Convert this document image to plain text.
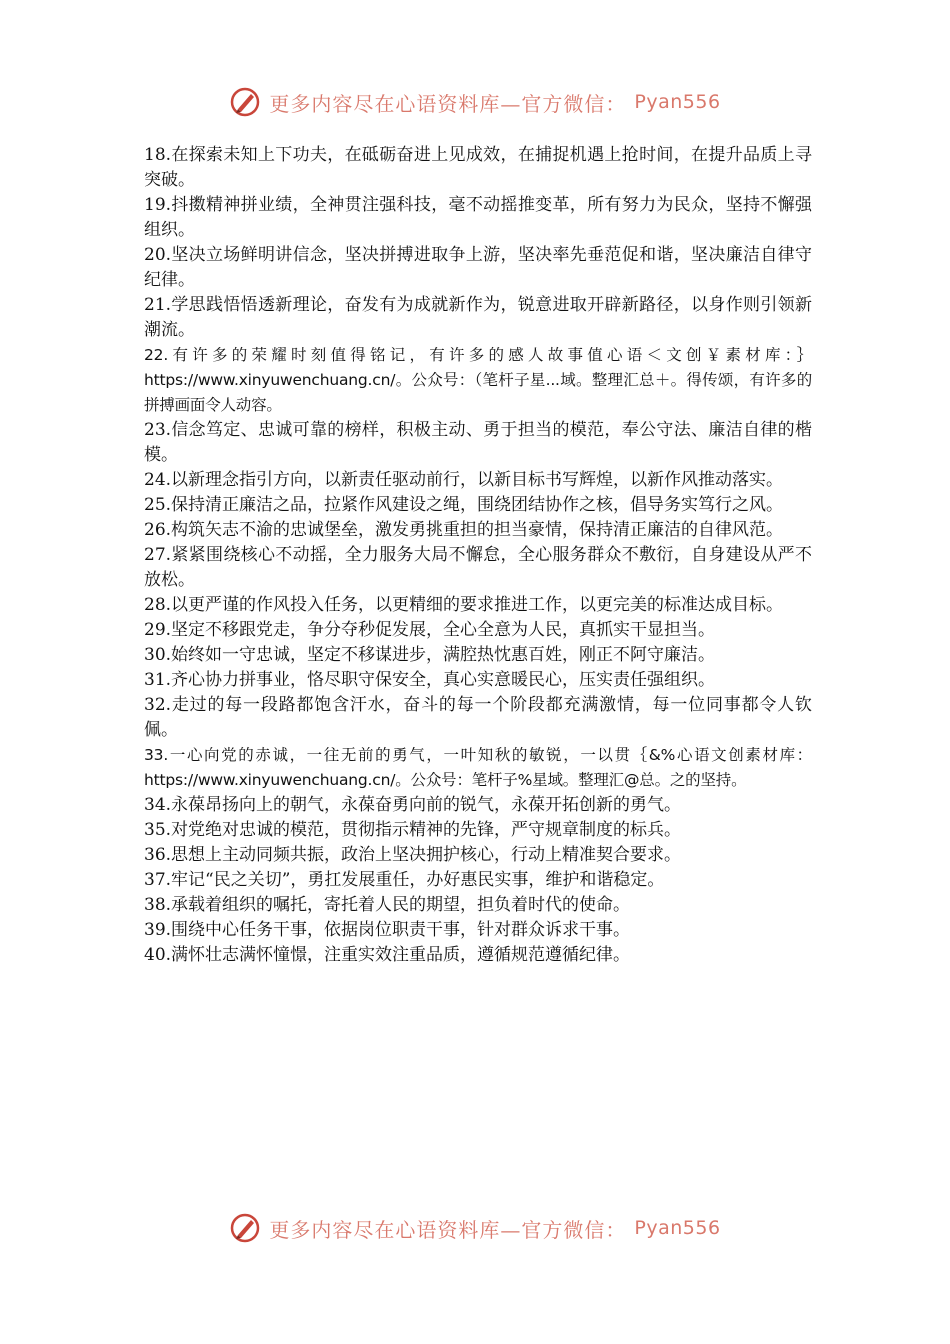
更多内容尽在心语资料库—官方微信： Pyan556

18.在探索未知上下功夫，在砥砺奋进上见成效，在捕捉机遇上抢时间，在提升品质上寻突破。

19.抖擞精神拼业绩，全神贯注强科技，毫不动摇推变革，所有努力为民众，坚持不懈强组织。

20.坚决立场鲜明讲信念，坚决拼搏进取争上游，坚决率先垂范促和谐，坚决廉洁自律守纪律。

21.学思践悟悟透新理论，奋发有为成就新作为，锐意进取开辟新路径，以身作则引领新潮流。

22.有许多的荣耀时刻值得铭记，有许多的感人故事值心语＜文创￥素材库：｝https://www.xinyuwenchuang.cn/。公众号：（笔杆子星...域。整理汇总＋。得传颂，有许多的拼搏画面令人动容。

23.信念笃定、忠诚可靠的榜样，积极主动、勇于担当的模范，奉公守法、廉洁自律的楷模。

24.以新理念指引方向，以新责任驱动前行，以新目标书写辉煌，以新作风推动落实。

25.保持清正廉洁之品，拉紧作风建设之绳，围绕团结协作之核，倡导务实笃行之风。

26.构筑矢志不渝的忠诚堡垒，激发勇挑重担的担当豪情，保持清正廉洁的自律风范。

27.紧紧围绕核心不动摇，全力服务大局不懈怠，全心服务群众不敷衍，自身建设从严不放松。

28.以更严谨的作风投入任务，以更精细的要求推进工作，以更完美的标准达成目标。

29.坚定不移跟党走，争分夺秒促发展，全心全意为人民，真抓实干显担当。

30.始终如一守忠诚，坚定不移谋进步，满腔热忱惠百姓，刚正不阿守廉洁。

31.齐心协力拼事业，恪尽职守保安全，真心实意暖民心，压实责任强组织。

32.走过的每一段路都饱含汗水，奋斗的每一个阶段都充满激情，每一位同事都令人钦佩。

33.一心向党的赤诚，一往无前的勇气，一叶知秋的敏锐，一以贯｛&%心语文创素材库：https://www.xinyuwenchuang.cn/。公众号：笔杆子%星域。整理汇@总。之的坚持。

34.永葆昂扬向上的朝气，永葆奋勇向前的锐气，永葆开拓创新的勇气。

35.对党绝对忠诚的模范，贯彻指示精神的先锋，严守规章制度的标兵。

36.思想上主动同频共振，政治上坚决拥护核心，行动上精准契合要求。

37.牢记“民之关切”，勇扛发展重任，办好惠民实事，维护和谐稳定。

38.承载着组织的嘱托，寄托着人民的期望，担负着时代的使命。

39.围绕中心任务干事，依据岗位职责干事，针对群众诉求干事。

40.满怀壮志满怀憧憬，注重实效注重品质，遵循规范遵循纪律。

更多内容尽在心语资料库—官方微信： Pyan556
